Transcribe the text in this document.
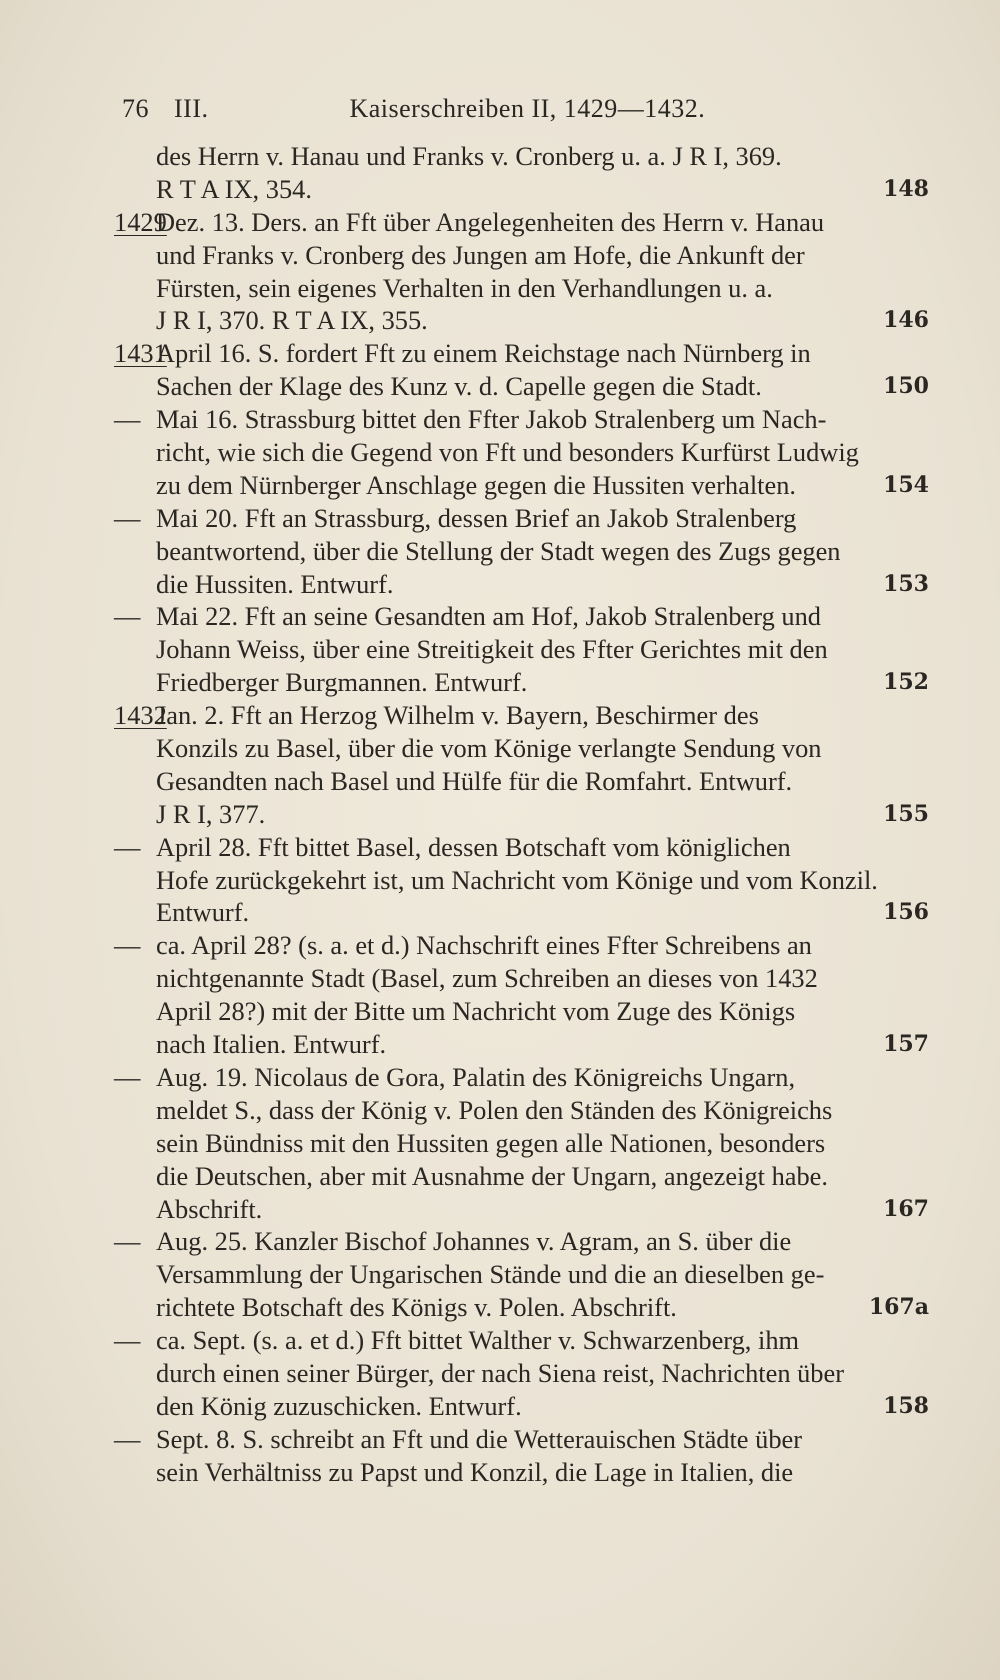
76 III.	Kaiserschreiben II, 1429—1432.
des Herrn v. Hanau und Franks v. Cronberg u. a. J R I, 369.
R T A IX, 354.	148
1429Dez. 13. Ders. an Fft über Angelegenheiten des Herrn v. Hanau
und Franks v. Cronberg des Jungen am Hofe, die Ankunft der
Fürsten, sein eigenes Verhalten in den Verhandlungen u. a.
J R I, 370. R T A IX, 355.	146
1431April 16. S. fordert Fft zu einem Reichstage nach Nürnberg in
Sachen der Klage des Kunz v. d. Capelle gegen die Stadt.	150
— Mai 16. Strassburg bittet den Ffter Jakob Stralenberg um Nach-
richt, wie sich die Gegend von Fft und besonders Kurfürst Ludwig
zu dem Nürnberger Anschlage gegen die Hussiten verhalten.	154
— Mai 20. Fft an Strassburg, dessen Brief an Jakob Stralenberg
beantwortend, über die Stellung der Stadt wegen des Zugs gegen
die Hussiten. Entwurf.	153
— Mai 22. Fft an seine Gesandten am Hof, Jakob Stralenberg und
Johann Weiss, über eine Streitigkeit des Ffter Gerichtes mit den
Friedberger Burgmannen. Entwurf.	152
1432Jan. 2. Fft an Herzog Wilhelm v. Bayern, Beschirmer des
Konzils zu Basel, über die vom Könige verlangte Sendung von
Gesandten nach Basel und Hülfe für die Romfahrt. Entwurf.
J R I, 377.	155
— April 28. Fft bittet Basel, dessen Botschaft vom königlichen
Hofe zurückgekehrt ist, um Nachricht vom Könige und vom Konzil.
Entwurf.	156
— ca. April 28? (s. a. et d.) Nachschrift eines Ffter Schreibens an
nichtgenannte Stadt (Basel, zum Schreiben an dieses von 1432
April 28?) mit der Bitte um Nachricht vom Zuge des Königs
nach Italien. Entwurf.	157
— Aug. 19. Nicolaus de Gora, Palatin des Königreichs Ungarn,
meldet S., dass der König v. Polen den Ständen des Königreichs
sein Bündniss mit den Hussiten gegen alle Nationen, besonders
die Deutschen, aber mit Ausnahme der Ungarn, angezeigt habe.
Abschrift.	167
— Aug. 25. Kanzler Bischof Johannes v. Agram, an S. über die
Versammlung der Ungarischen Stände und die an dieselben ge-
richtete Botschaft des Königs v. Polen. Abschrift.	167a
— ca. Sept. (s. a. et d.) Fft bittet Walther v. Schwarzenberg, ihm
durch einen seiner Bürger, der nach Siena reist, Nachrichten über
den König zuzuschicken. Entwurf.	158
— Sept. 8. S. schreibt an Fft und die Wetterauischen Städte über
sein Verhältniss zu Papst und Konzil, die Lage in Italien, die
